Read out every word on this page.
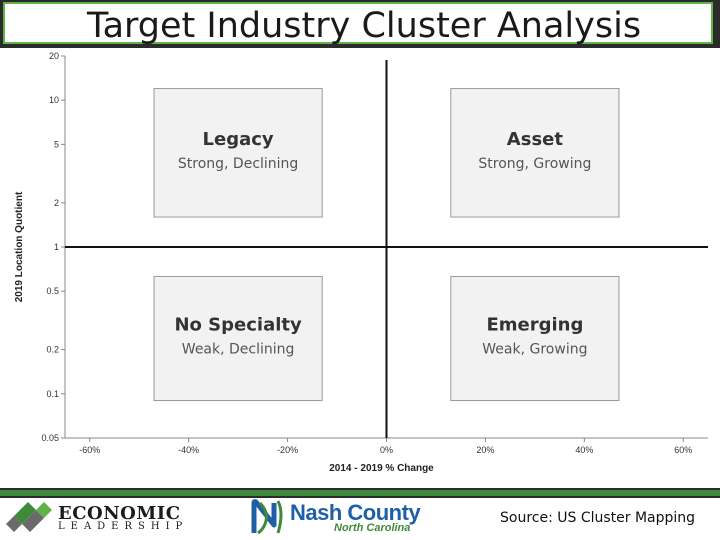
Target Industry Cluster Analysis
20
10
5
2
1
0.5
0.2
0.1
0.05
-60%	-40%	-20%	0%	20%	40%	60%
2014 - 2019 % Change
2019 Location Quotient
Legacy
Strong, Declining
Asset
Strong, Growing
No Specialty
Weak, Declining
Emerging
Weak, Growing
ECONOMIC
LEADERSHIP
Nash County
North Carolina
Source: US Cluster Mapping
